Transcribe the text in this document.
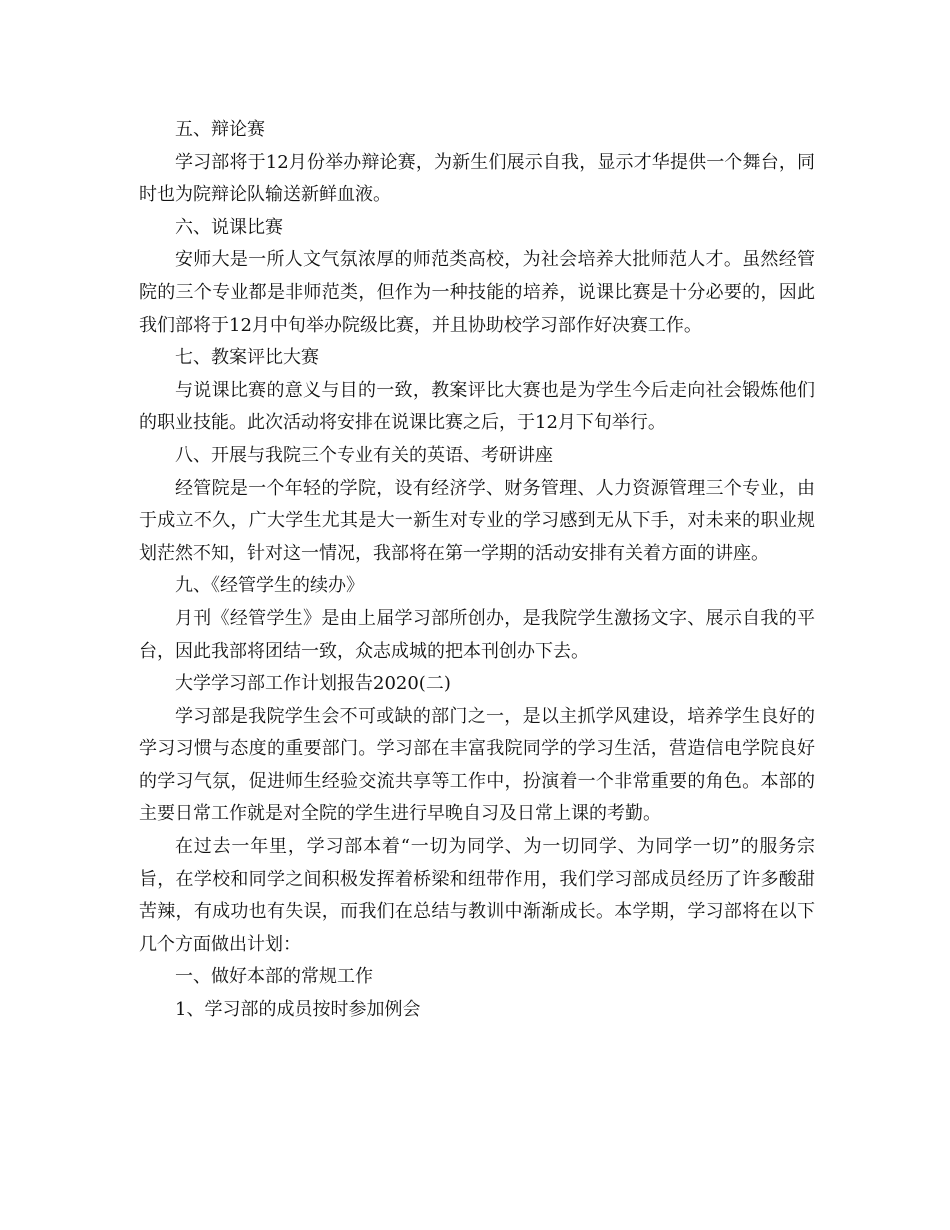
五、辩论赛

学习部将于12月份举办辩论赛，为新生们展示自我，显示才华提供一个舞台，同时也为院辩论队输送新鲜血液。

六、说课比赛

安师大是一所人文气氛浓厚的师范类高校，为社会培养大批师范人才。虽然经管院的三个专业都是非师范类，但作为一种技能的培养，说课比赛是十分必要的，因此我们部将于12月中旬举办院级比赛，并且协助校学习部作好决赛工作。

七、教案评比大赛

与说课比赛的意义与目的一致，教案评比大赛也是为学生今后走向社会锻炼他们的职业技能。此次活动将安排在说课比赛之后，于12月下旬举行。

八、开展与我院三个专业有关的英语、考研讲座

经管院是一个年轻的学院，设有经济学、财务管理、人力资源管理三个专业，由于成立不久，广大学生尤其是大一新生对专业的学习感到无从下手，对未来的职业规划茫然不知，针对这一情况，我部将在第一学期的活动安排有关着方面的讲座。

九、《经管学生的续办》

月刊《经管学生》是由上届学习部所创办，是我院学生激扬文字、展示自我的平台，因此我部将团结一致，众志成城的把本刊创办下去。

大学学习部工作计划报告2020(二)

学习部是我院学生会不可或缺的部门之一，是以主抓学风建设，培养学生良好的学习习惯与态度的重要部门。学习部在丰富我院同学的学习生活，营造信电学院良好的学习气氛，促进师生经验交流共享等工作中，扮演着一个非常重要的角色。本部的主要日常工作就是对全院的学生进行早晚自习及日常上课的考勤。

在过去一年里，学习部本着“一切为同学、为一切同学、为同学一切”的服务宗旨，在学校和同学之间积极发挥着桥梁和纽带作用，我们学习部成员经历了许多酸甜苦辣，有成功也有失误，而我们在总结与教训中渐渐成长。本学期，学习部将在以下几个方面做出计划：

一、做好本部的常规工作

1、学习部的成员按时参加例会
